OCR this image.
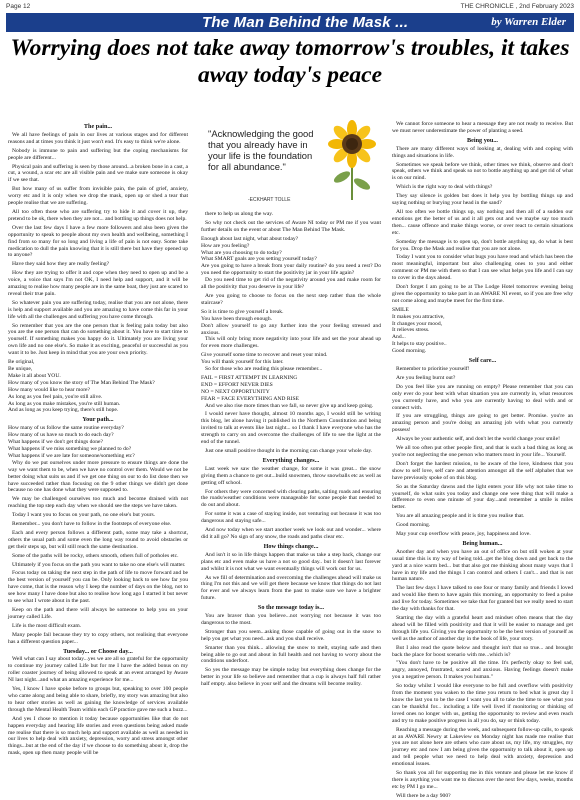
Page 12	THE CHRONICLE , 2nd February 2023
The Man Behind the Mask ...	by Warren Elder
Worrying does not take away tomorrow's troubles, it takes away today's peace
The pain...

We all have feelings of pain in our lives at various stages and for different reasons and at times you think it just won't end. It's easy to think we're alone.

Nobody is immune to pain and suffering but the coping mechanisms for people are different...

Physical pain and suffering is seen by those around...a broken bone in a cast, a cut, a wound, a scar etc are all visible pain and we make sure someone is okay if we see that.

But how many of us suffer from invisible pain, the pain of grief, anxiety, worry etc and it is only when we drop the mask, open up or shed a tear that people realise that we are suffering.

All too often those who are suffering try to hide it and cover it up, they pretend to be ok, there when they are not... and bottling up things does not help.

Over the last few days I have a few more followers and also been given the opportunity to speak to people about my own health and wellbeing, something I find from so many for so long and living a life of pain is not easy. Some take medication to dull the pain knowing that it is still there but have they opened up to anyone?

Have they said how they are really feeling?

How they are trying to offer it and cope when they need to open up and be a voice, a voice that says I'm not OK, I need help and support, and it will be amazing to realise how many people are in the same boat, they just are scared to reveal their true pain.

So whatever pain you are suffering today, realise that you are not alone, there is help and support available and you are amazing to have come this far in your life with all the challenges and suffering you have come through.

So remember that you are the one person that is feeling pain today but also you are the one person that can do something about it. You have to start time to yourself. If something makes you happy do it. Ultimately you are living your own life and no one else's. So make it as exciting, peaceful or successful as you want it to be. Just keep in mind that you are your own priority.

Be original,
Be unique,
Make it all about YOU.
How many of you know the story of The Man Behind The Mask?
How many would like to hear more?
As long as you feel pain, you're still alive.
As long as you make mistakes, you're still human.
And as long as you keep trying, there's still hope.
Your path...
How many of us follow the same routine everyday?
How many of us have so much to do each day?
What happens if we don't get things done?
What happens if we miss something we planned to do?
What happens if we are late for someone/something etc?

Why do we put ourselves under more pressure to ensure things are done the way we want them to be, when we have no control over them. Would we not be better doing what suits us and if we get one thing on our to do list done then we have succeeded rather than focusing on the 9 other things we didn't get done because no one has done what they were supposed to.

We may be challenged ourselves too much and become drained with not reaching the top step each day when we should see the steps we have taken.

Today I want you to focus on your path, no one else's but yours.

Remember... you don't have to follow in the footsteps of everyone else.

Each and every person follows a different path, some may take a shortcut, others the usual path and some even the long way round to avoid obstacles or get their steps up, but will still reach the same destination.

Some of the paths will be rocky, others smooth, others full of potholes etc.

Ultimately if you focus on the path you want to take no one else's will matter.

Focus today on taking the next step in the path of life to move forward and be the best version of yourself you can be. Only looking back to see how far you have come, that is the reason why I keep the number of days on the blog, not to see how many I have done but also to realise how long ago I started it but never to see what I wrote about in the past.

Keep on the path and there will always be someone to help you on your journey called Life.

Life is the most difficult exam.

Many people fail because they try to copy others, not realising that everyone has a different question paper...

Tuesday... or Choose day...

Well what can I say about today...yes we are all so grateful for the opportunity to continue my journey called Life but for me I have the added bonus on my roller coaster journey of being allowed to speak at an event arranged by Aware NI last night...and what an amazing experience for me...

Yes, I know I have spoke before to groups but, speaking to over 100 people who came along and being able to share, briefly, my story was amazing but also to hear other stories as well as gaining the knowledge of services available through the Mental Health Team within each GP practice gave me such a buzz...

And yes I chose to mention it today because opportunities like that do not happen everyday and hearing life stories and even questions being asked made me realise that there is so much help and support available as well as needed in our lives to help deal with anxiety, depression, worry and stress amongst other things...but at the end of the day if we choose to do something about it, drop the mask, open up then many people will be

"Acknowledging the good that you already have in your life is the foundation for all abundance."
-ECKHART TOLLE

there to help us along the way.

So why not check out the services of Aware NI today or PM me if you want further details on the event or about The Man Behind The Mask.

Enough about last night, what about today?
How are you feeling?
What are you choosing to do today?
What SMART goals are you setting yourself today?
Are you going to have a break from your daily routine? do you need a rest? Do you need the opportunity to start the positivity jar in your life again?

Do you need time to get rid of the negativity around you and make room for all the positivity that you deserve in your life?

Are you going to choose to focus on the next step rather than the whole staircase?

So it is time to give yourself a break.
You have been through enough.
Don't allow yourself to go any further into the your feeling stressed and anxious.

This will only bring more negativity into your life and set the your ahead up for even more challenges.

Give yourself some time to recover and reset your mind.
You will thank yourself for this later.

So for those who are reading this please remember...

FAIL = FIRST ATTEMPT IN LEARNING
END = EFFORT NEVER DIES
NO = NEXT OPPORTUNITY
FEAR = FACE EVERYTHING AND RISE

And we also rise more times than we fall, so never give up and keep going.

I would never have thought, almost 10 months ago, I would still be writing this blog, let alone having it published in the Northern Constitution and being invited to talk at events like last night... so I thank I have everyone who has the strength to carry on and overcome the challenges of life to see the light at the end of the tunnel.

Just one small positive thought in the morning can change your whole day.

Everything changes...

Last week we saw the weather change, for some it was great... the snow giving them a chance to get out...build snowmen, throw snowballs etc as well as getting off school.

For others they were concerned with clearing paths, salting roads and ensuring the roads/weather conditions were manageable for some people that needed to do out and about.

For some it was a case of staying inside, not venturing out because it was too dangerous and staying safe...

And now today when we start another week we look out and wonder... where did it all go? No sign of any snow, the roads and paths clear etc.

How things change...

And isn't it so in life things happen that make us take a step back, change our plans etc and even make us have a not so good day.. but it doesn't last forever and whilst it is not what we want eventually things will work out for us.

As we fill of determination and overcoming the challenges ahead will make us thing I'm not this and we will get there because we know that things do not last for ever and we always learn from the past to make sure we have a brighter future.

So the message today is...

You are braver than you believe...not worrying not because it was too dangerous to the most.

Stronger than you seem...asking those capable of going out in the snow to help you get what you need...ask and you shall receive.

Smarter than you think... allowing the snow to melt, staying safe and then being able to go out and about in full health and not having to worry about the conditions underfoot.

So yes the message may be simple today but everything does change for the better in your life so believe and remember that a cup is always half full rather half empty. also believe in your self and the dreams will become reality.

We cannot force someone to hear a message they are not ready to receive. But we must never underestimate the power of planting a seed.

Being you...

There are many different ways of looking at, dealing with and coping with things and situations in life.

Sometimes we speak before we think, other times we think, observe and don't speak, others we think and speak so not to bottle anything up and get rid of what is on our mind.

Which is the right way to deal with things?

They say silence is golden but does it help you by bottling things up and saying nothing or burying your head in the sand?

All too often we bottle things up, say nothing and then all of a sudden our emotions get the better of us and it all gets out and we maybe say too much then... cause offence and make things worse, or over react to certain situations etc.

Someday the message is to open up, don't bottle anything up, do what is best for you. Drop the Mask and realise that you are not alone.

Today I want you to consider what bugs you have read and which has been the most meaningful, important but also challenging ones to you and either comment or PM me with them so that I can see what helps you life and I can say to cover in the days ahead.

Don't forget I am going to be at The Lodge Hotel tomorrow evening being given the opportunity to take part in an AWARE NI event, so if you are free why not come along and maybe meet for the first time.

SMILE
It makes you attractive,
It changes your mood,
It relieves stress.
And...
It helps to stay positive..
Good morning.
Self care...

Remember to prioritise yourself!

Are you feeling burnt out?

Do you feel like you are running on empty? Please remember that you can only ever do your best with what situation you are currently in, what resources you currently have, and who you are currently having to deal with and or connect with.

If you are struggling, things are going to get better. Promise. you're an amazing person and you're doing an amazing job with what you currently possess!

Always be your authentic self, and don't let the world change your smile!

We all too often put other people first, and that is such a bad thing as long as you're not neglecting the one person who matters most in your life... Yourself.

Don't forget the hardest mission, to be aware of the love, kindness that you show to self love, self care and attention amongst all the self alphabet that we have previously spoke of on this blog.

So as the Saturday dawns and the light enters your life why not take time to yourself, do what suits you today and change one wee thing that will make a difference to even one minute of your day...and remember a smile is miles better.

You are all amazing people and it is time you realise that.

Good morning.

May your cup overflow with peace, joy, happiness and love.

Being human...

Another day and when you have an out of office on but still woken at your usual time this is my way of being told...get the blog down and get back to the yard at a nice warm bed... but that also got me thinking about many ways that I have in my life and the things I can control and others I can't... and that is not human nature.

The last few days I have talked to one four or many family and friends I loved and would like them to have again this morning, an opportunity to feed a pulse and live for today. Sometimes we take that for granted but we really need to start the day with thanks for that.

Starting the day with a grateful heart and mindset often means that the day ahead will be filled with positivity and that it will be easier to manage and get through life you. Giving you the opportunity to be the best version of yourself as well as the author of another day in the book of life, your story.

But I also read the quote below and thought isn't that so true... and brought back the place for boost scenario with me...which is?

"You don't have to be positive all the time. It's perfectly okay to feel sad, angry, annoyed, frustrated, scared and anxious. Having feelings doesn't make you a negative person. It makes you human."

So today whilst I would like everyone to be full and overflow with positivity from the moment you waken to the time you return to bed what is great day I know the last you to be the case I want you all to take the time to see what you can be thankful for... including a life well lived if monitoring or thinking of loved ones no longer with us, getting the opportunity to review and even reach and try to make positive progress in all you do, say or think today.

Reaching a message during the week, and subsequent follow-up calls, to speak at an AWARE Newry at Lakeview on Monday night has made me realise that you are not alone here are others who care about us, my life, my struggles, my journey etc and now I am being given the opportunity to talk about it, open up and tell people what we need to help deal with anxiety, depression and emotional issues.

So thank you all for supporting me in this venture and please let me know if there is anything you want me to discuss over the next few days, weeks, months etc by PM I go me...

Will there be a day 900?
